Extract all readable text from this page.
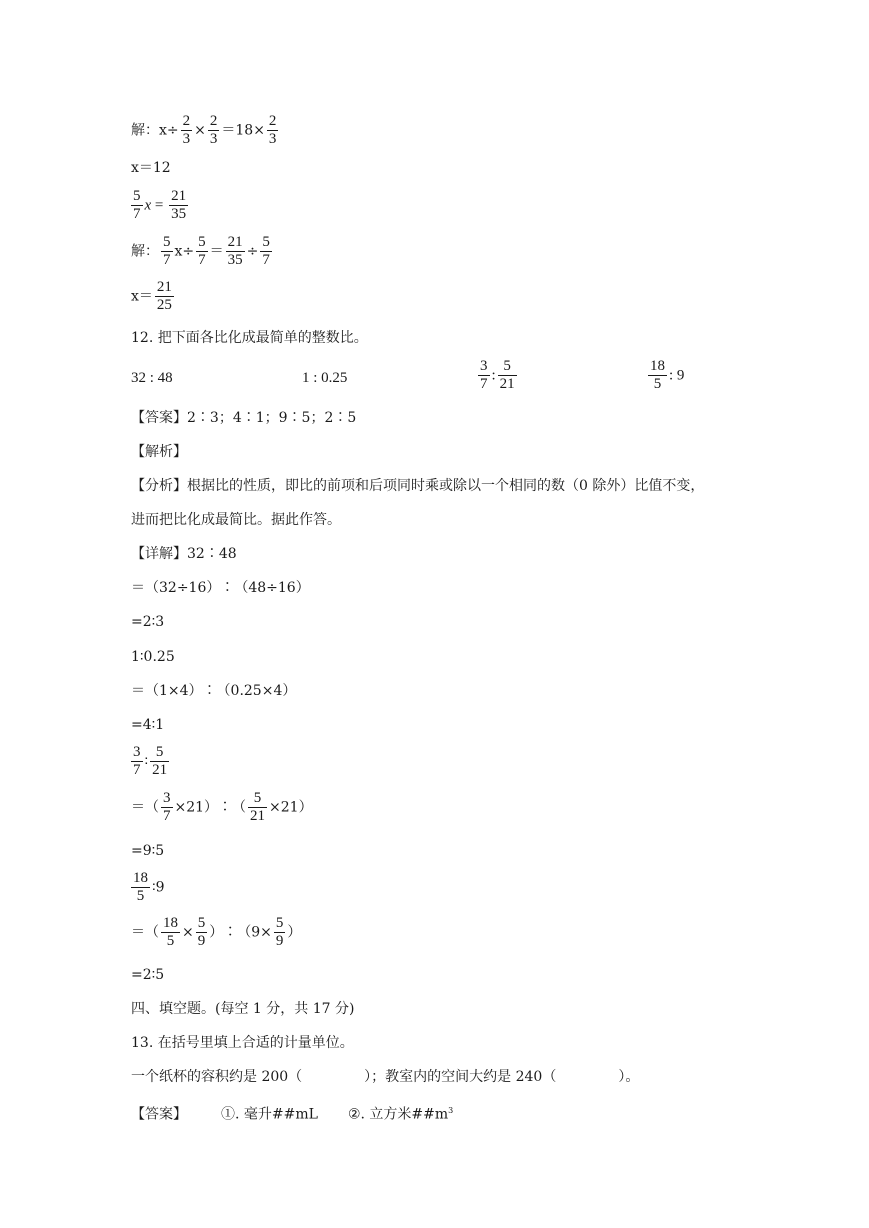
解：$x\div \frac{2}{3} \times \frac{2}{3} =18\times \frac{2}{3}$
x＝12
$\frac{5}{7}$ $x = \frac{21}{35}$
解： $\frac{5}{7} x\div \frac{5}{7} = \frac{21}{35} \div \frac{5}{7}$
$x= \frac{21}{25}$
12. 把下面各比化成最简单的整数比。
32 : 48	1 : 0.25	$\frac{3}{7}$ : $\frac{5}{21}$	$\frac{18}{5}$ : 9
【答案】2∶3；4∶1；9∶5；2∶5
【解析】
【分析】根据比的性质，即比的前项和后项同时乘或除以一个相同的数（0 除外）比值不变，
进而把比化成最简比。据此作答。
【详解】32∶48
＝（32÷16）∶（48÷16）
=2∶3
1∶0.25
＝（1×4）∶（0.25×4）
=4∶1
$\frac{3}{7}$ ∶ $\frac{5}{21}$
＝（ $\frac{3}{7}$ ×21）∶（ $\frac{5}{21} \times 21$）
=9∶5
$\frac{18}{5}$ ∶9
＝（ $\frac{18}{5} \times \frac{5}{9}$ ）∶（9× $\frac{5}{9}$ ）
=2∶5
四、填空题。(每空 1 分，共 17 分)
13. 在括号里填上合适的计量单位。
一个纸杯的容积约是 200（	）；教室内的空间大约是 240（	）。
【答案】 ①. 毫升##mL ②. 立方米$\#\#m^3$
